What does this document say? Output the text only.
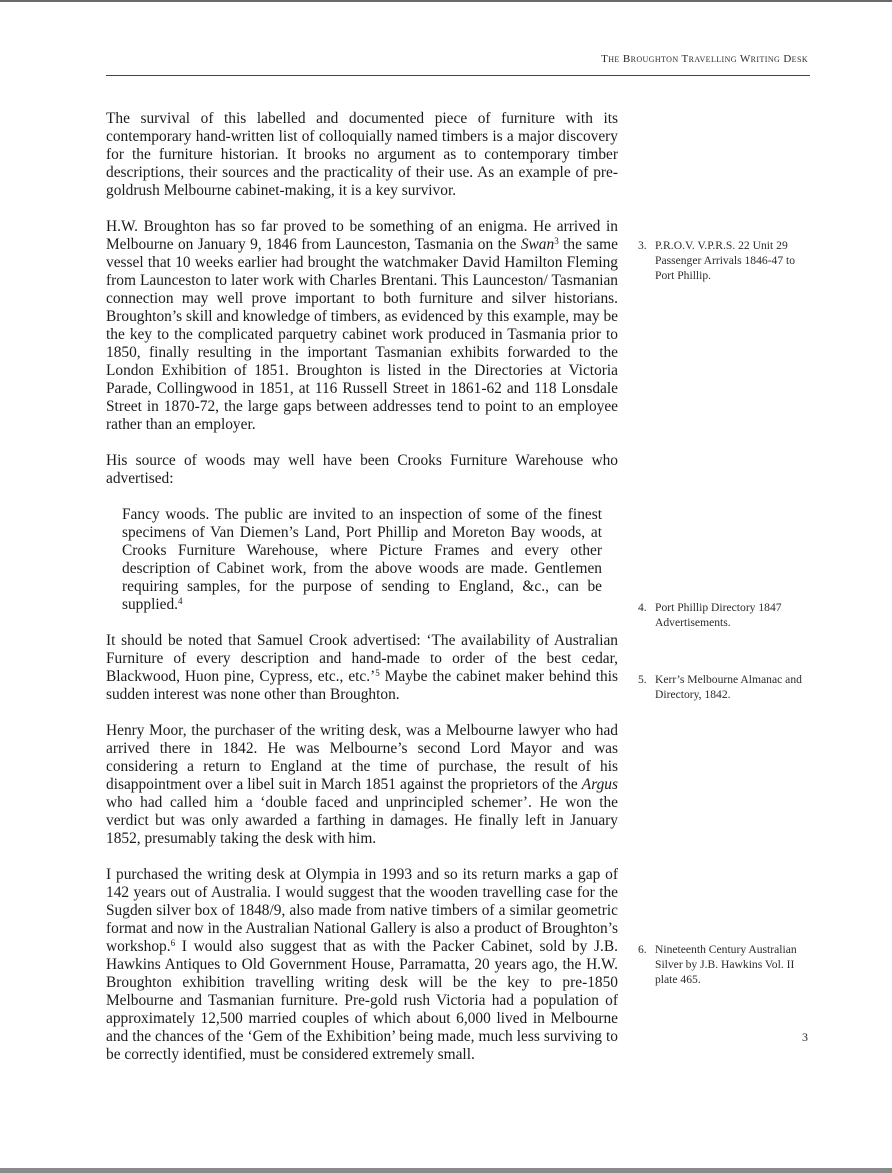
The Broughton Travelling Writing Desk

The survival of this labelled and documented piece of furniture with its contemporary hand-written list of colloquially named timbers is a major discovery for the furniture historian. It brooks no argument as to contemporary timber descriptions, their sources and the practicality of their use. As an example of pre-goldrush Melbourne cabinet-making, it is a key survivor.

H.W. Broughton has so far proved to be something of an enigma. He arrived in Melbourne on January 9, 1846 from Launceston, Tasmania on the Swan$^3$ the same vessel that 10 weeks earlier had brought the watchmaker David Hamilton Fleming from Launceston to later work with Charles Brentani. This Launceston/ Tasmanian connection may well prove important to both furniture and silver historians. Broughton’s skill and knowledge of timbers, as evidenced by this example, may be the key to the complicated parquetry cabinet work produced in Tasmania prior to 1850, finally resulting in the important Tasmanian exhibits forwarded to the London Exhibition of 1851. Broughton is listed in the Directories at Victoria Parade, Collingwood in 1851, at 116 Russell Street in 1861-62 and 118 Lonsdale Street in 1870-72, the large gaps between addresses tend to point to an employee rather than an employer.

His source of woods may well have been Crooks Furniture Warehouse who advertised:

Fancy woods. The public are invited to an inspection of some of the finest specimens of Van Diemen’s Land, Port Phillip and Moreton Bay woods, at Crooks Furniture Warehouse, where Picture Frames and every other description of Cabinet work, from the above woods are made. Gentlemen requiring samples, for the purpose of sending to England, &c., can be supplied.$^4$

It should be noted that Samuel Crook advertised: ‘The availability of Australian Furniture of every description and hand-made to order of the best cedar, Blackwood, Huon pine, Cypress, etc., etc.’$^5$ Maybe the cabinet maker behind this sudden interest was none other than Broughton.

Henry Moor, the purchaser of the writing desk, was a Melbourne lawyer who had arrived there in 1842. He was Melbourne’s second Lord Mayor and was considering a return to England at the time of purchase, the result of his disappointment over a libel suit in March 1851 against the proprietors of the Argus who had called him a ‘double faced and unprincipled schemer’. He won the verdict but was only awarded a farthing in damages. He finally left in January 1852, presumably taking the desk with him.

I purchased the writing desk at Olympia in 1993 and so its return marks a gap of 142 years out of Australia. I would suggest that the wooden travelling case for the Sugden silver box of 1848/9, also made from native timbers of a similar geometric format and now in the Australian National Gallery is also a product of Broughton’s workshop.$^6$ I would also suggest that as with the Packer Cabinet, sold by J.B. Hawkins Antiques to Old Government House, Parramatta, 20 years ago, the H.W. Broughton exhibition travelling writing desk will be the key to pre-1850 Melbourne and Tasmanian furniture. Pre-gold rush Victoria had a population of approximately 12,500 married couples of which about 6,000 lived in Melbourne and the chances of the ‘Gem of the Exhibition’ being made, much less surviving to be correctly identified, must be considered extremely small.

3. P.R.O.V. V.P.R.S. 22 Unit 29 Passenger Arrivals 1846-47 to Port Phillip.
4. Port Phillip Directory 1847 Advertisements.
5. Kerr’s Melbourne Almanac and Directory, 1842.
6. Nineteenth Century Australian Silver by J.B. Hawkins Vol. II plate 465.
3
